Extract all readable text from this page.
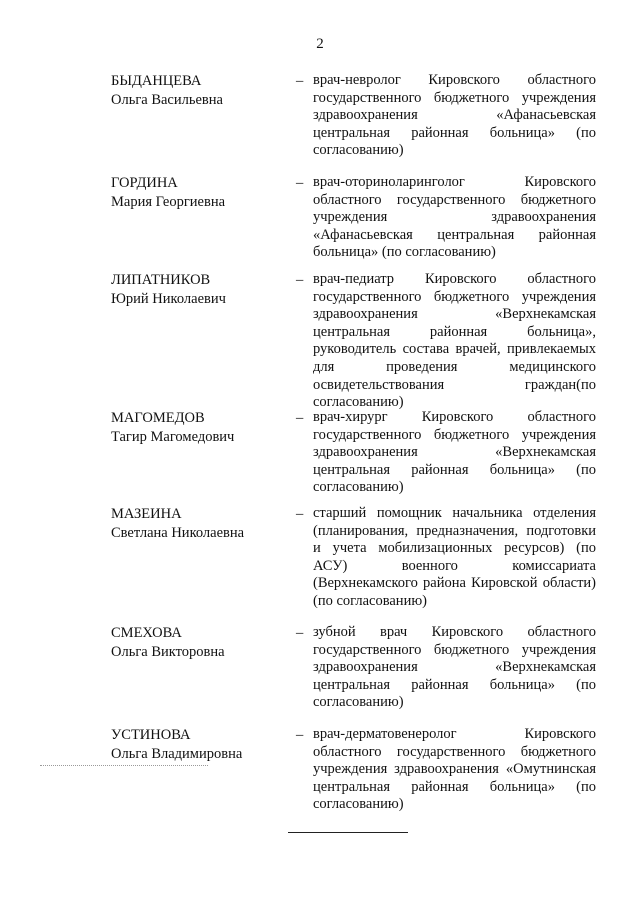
2
БЫДАНЦЕВА
Ольга Васильевна
– врач-невролог Кировского областного государственного бюджетного учреждения здравоохранения «Афанасьевская центральная районная больница» (по согласованию)
ГОРДИНА
Мария Георгиевна
– врач-оториноларинголог Кировского областного государственного бюджетного учреждения здравоохранения «Афанасьевская центральная районная больница» (по согласованию)
ЛИПАТНИКОВ
Юрий Николаевич
– врач-педиатр Кировского областного государственного бюджетного учреждения здравоохранения «Верхнекамская центральная районная больница», руководитель состава врачей, привлекаемых для проведения медицинского освидетельствования граждан(по согласованию)
МАГОМЕДОВ
Тагир Магомедович
– врач-хирург Кировского областного государственного бюджетного учреждения здравоохранения «Верхнекамская центральная районная больница» (по согласованию)
МАЗЕИНА
Светлана Николаевна
– старший помощник начальника отделения (планирования, предназначения, подготовки и учета мобилизационных ресурсов) (по АСУ) военного комиссариата (Верхнекамского района Кировской области) (по согласованию)
СМЕХОВА
Ольга Викторовна
– зубной врач Кировского областного государственного бюджетного учреждения здравоохранения «Верхнекамская центральная районная больница» (по согласованию)
УСТИНОВА
Ольга Владимировна
– врач-дерматовенеролог Кировского областного государственного бюджетного учреждения здравоохранения «Омутнинская центральная районная больница» (по согласованию)
